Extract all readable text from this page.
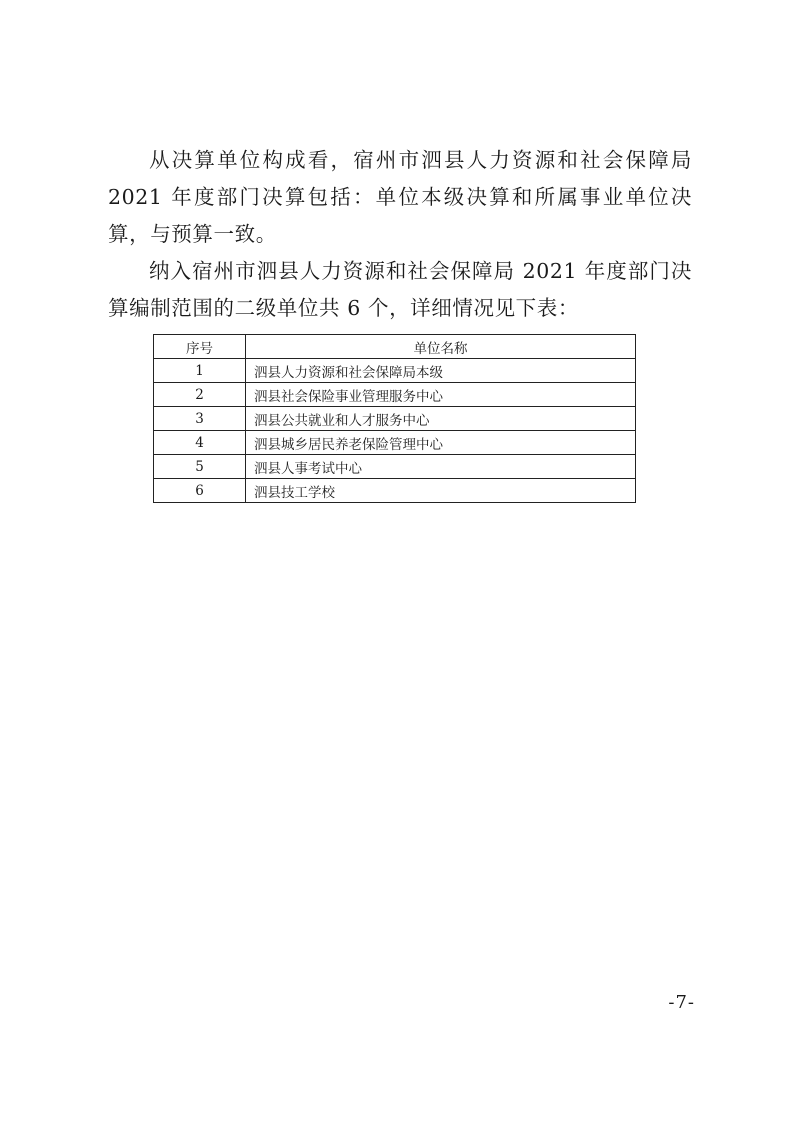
从决算单位构成看，宿州市泗县人力资源和社会保障局 2021 年度部门决算包括：单位本级决算和所属事业单位决算，与预算一致。

纳入宿州市泗县人力资源和社会保障局 2021 年度部门决算编制范围的二级单位共 6 个，详细情况见下表：

序号	单位名称
1	泗县人力资源和社会保障局本级
2	泗县社会保险事业管理服务中心
3	泗县公共就业和人才服务中心
4	泗县城乡居民养老保险管理中心
5	泗县人事考试中心
6	泗县技工学校
-7-
